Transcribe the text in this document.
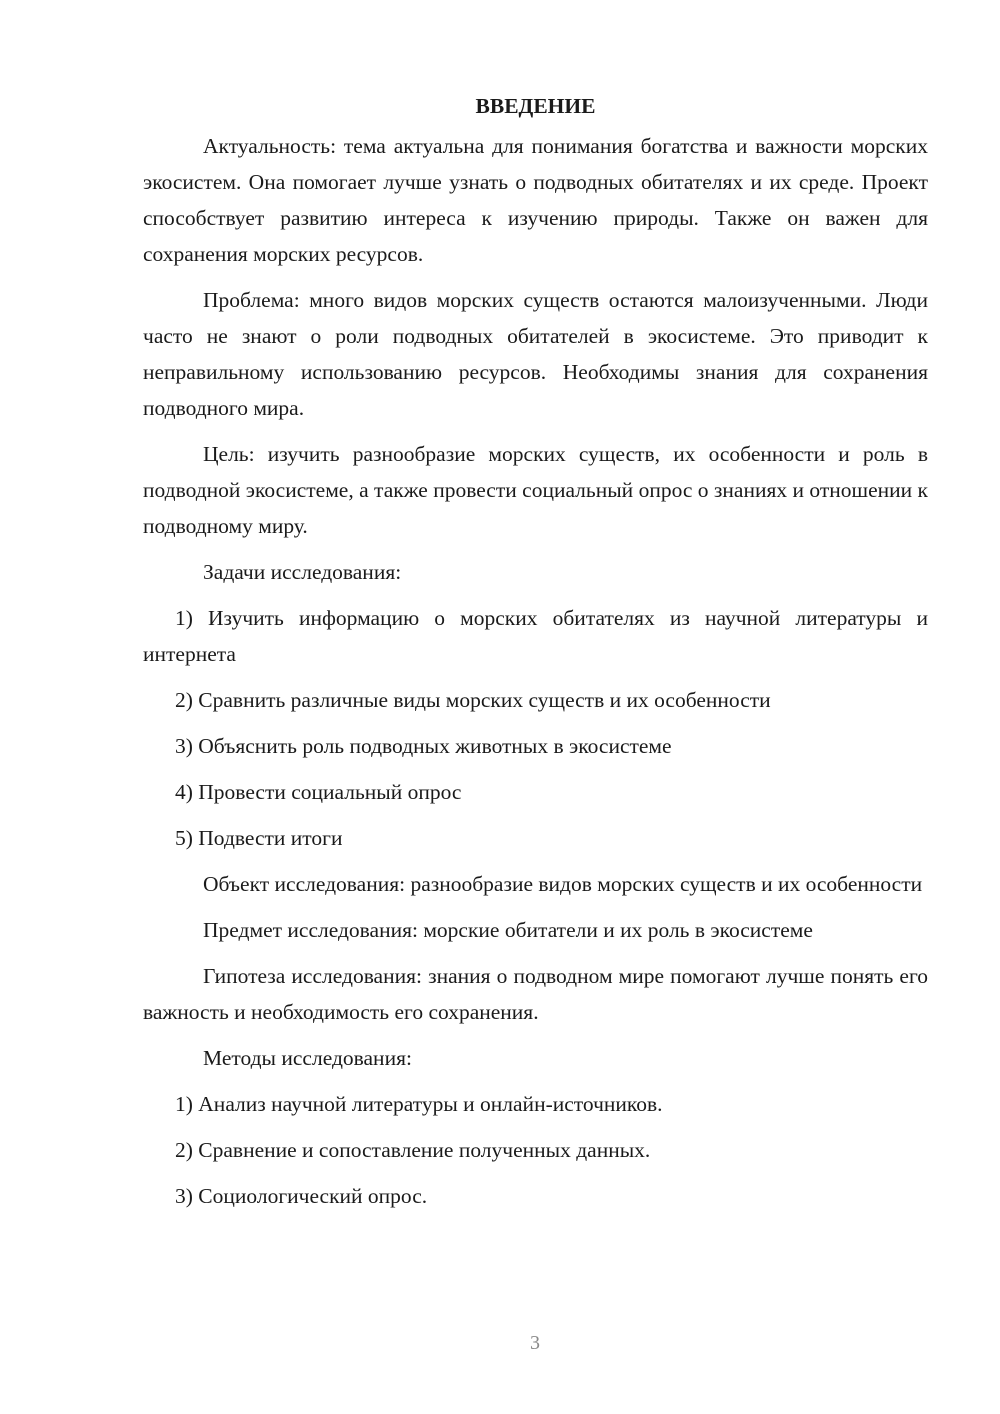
ВВЕДЕНИЕ

Актуальность: тема актуальна для понимания богатства и важности морских экосистем. Она помогает лучше узнать о подводных обитателях и их среде. Проект способствует развитию интереса к изучению природы. Также он важен для сохранения морских ресурсов.

Проблема: много видов морских существ остаются малоизученными. Люди часто не знают о роли подводных обитателей в экосистеме. Это приводит к неправильному использованию ресурсов. Необходимы знания для сохранения подводного мира.

Цель: изучить разнообразие морских существ, их особенности и роль в подводной экосистеме, а также провести социальный опрос о знаниях и отношении к подводному миру.

Задачи исследования:

1) Изучить информацию о морских обитателях из научной литературы и интернета

2) Сравнить различные виды морских существ и их особенности

3) Объяснить роль подводных животных в экосистеме

4) Провести социальный опрос

5) Подвести итоги

Объект исследования: разнообразие видов морских существ и их особенности

Предмет исследования: морские обитатели и их роль в экосистеме

Гипотеза исследования: знания о подводном мире помогают лучше понять его важность и необходимость его сохранения.

Методы исследования:

1) Анализ научной литературы и онлайн-источников.

2) Сравнение и сопоставление полученных данных.

3) Социологический опрос.

3
